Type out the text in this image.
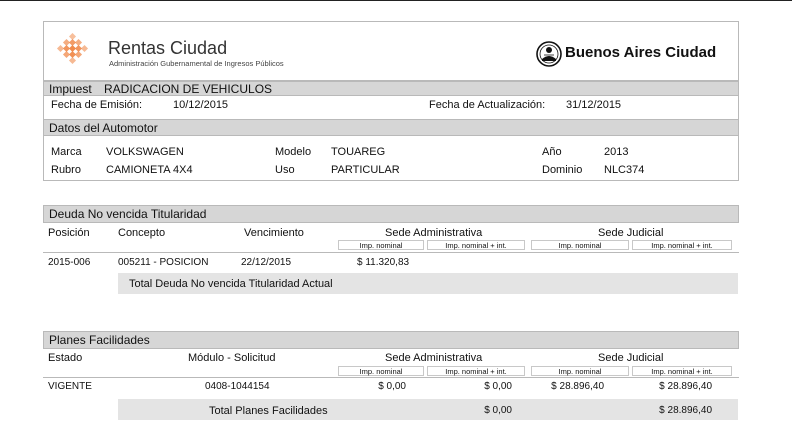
Rentas Ciudad
Administración Gubernamental de Ingresos Públicos
Buenos Aires Ciudad
Impuest RADICACION DE VEHICULOS
Fecha de Emisión:	10/12/2015	Fecha de Actualización: 31/12/2015
Datos del Automotor
Marca VOLKSWAGEN	Modelo TOUAREG	Año	2013
Rubro CAMIONETA 4X4	Uso	PARTICULAR	Dominio NLC374
Deuda No vencida Titularidad
Posición	Concepto	Vencimiento	Sede Administrativa	Sede Judicial
Imp. nominal	Imp. nominal + int.	Imp. nominal	Imp. nominal + int.
2015-006	005211 - POSICION	22/12/2015	$ 11.320,83
Total Deuda No vencida Titularidad Actual
Planes Facilidades
Estado	Módulo - Solicitud	Sede Administrativa	Sede Judicial
Imp. nominal	Imp. nominal + int.	Imp. nominal	Imp. nominal + int.
VIGENTE	0408-1044154	$ 0,00	$ 0,00	$ 28.896,40	$ 28.896,40
Total Planes Facilidades	$ 0,00	$ 28.896,40
